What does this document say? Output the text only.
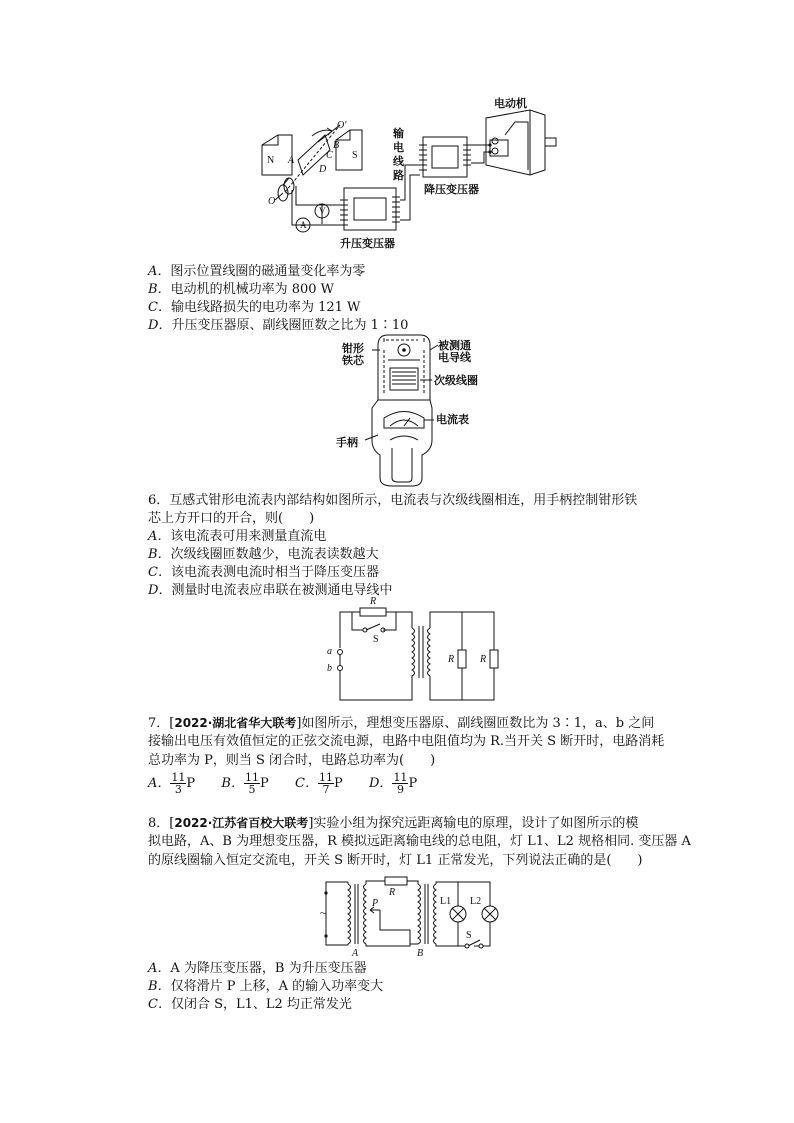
电动机
输
电
线
路
降压变压器
升压变压器
O′
O
N	S
A
B
C
D
V
A
A．图示位置线圈的磁通量变化率为零
B．电动机的机械功率为 800 W
C．输电线路损失的电功率为 121 W
D．升压变压器原、副线圈匝数之比为 1∶10
钳形
铁芯
被测通
电导线
次级线圈
电流表
手柄
6．互感式钳形电流表内部结构如图所示，电流表与次级线圈相连，用手柄控制钳形铁
芯上方开口的开合，则(　　)
A．该电流表可用来测量直流电
B．次级线圈匝数越少，电流表读数越大
C．该电流表测电流时相当于降压变压器
D．测量时电流表应串联在被测通电导线中
R
S
a
b
R	R
7．[2022·湖北省华大联考]如图所示，理想变压器原、副线圈匝数比为 3∶1，a、b 之间
接输出电压有效值恒定的正弦交流电源，电路中电阻值均为 R.当开关 S 断开时，电路消耗
总功率为 P，则当 S 闭合时，电路总功率为(　　)
A． $\frac{11}{3}$ P B． $\frac{11}{5}$ P C． $\frac{11}{7}$ P D． $\frac{11}{9}$ P
8．[2022·江苏省百校大联考]实验小组为探究远距离输电的原理，设计了如图所示的模
拟电路，A、B 为理想变压器，R 模拟远距离输电线的总电阻，灯 L1、L2 规格相同. 变压器 A
的原线圈输入恒定交流电，开关 S 断开时，灯 L1 正常发光，下列说法正确的是(　　)
~
R
P
A	B
L1 L2
S
A．A 为降压变压器，B 为升压变压器
B．仅将滑片 P 上移，A 的输入功率变大
C．仅闭合 S，L1、L2 均正常发光
